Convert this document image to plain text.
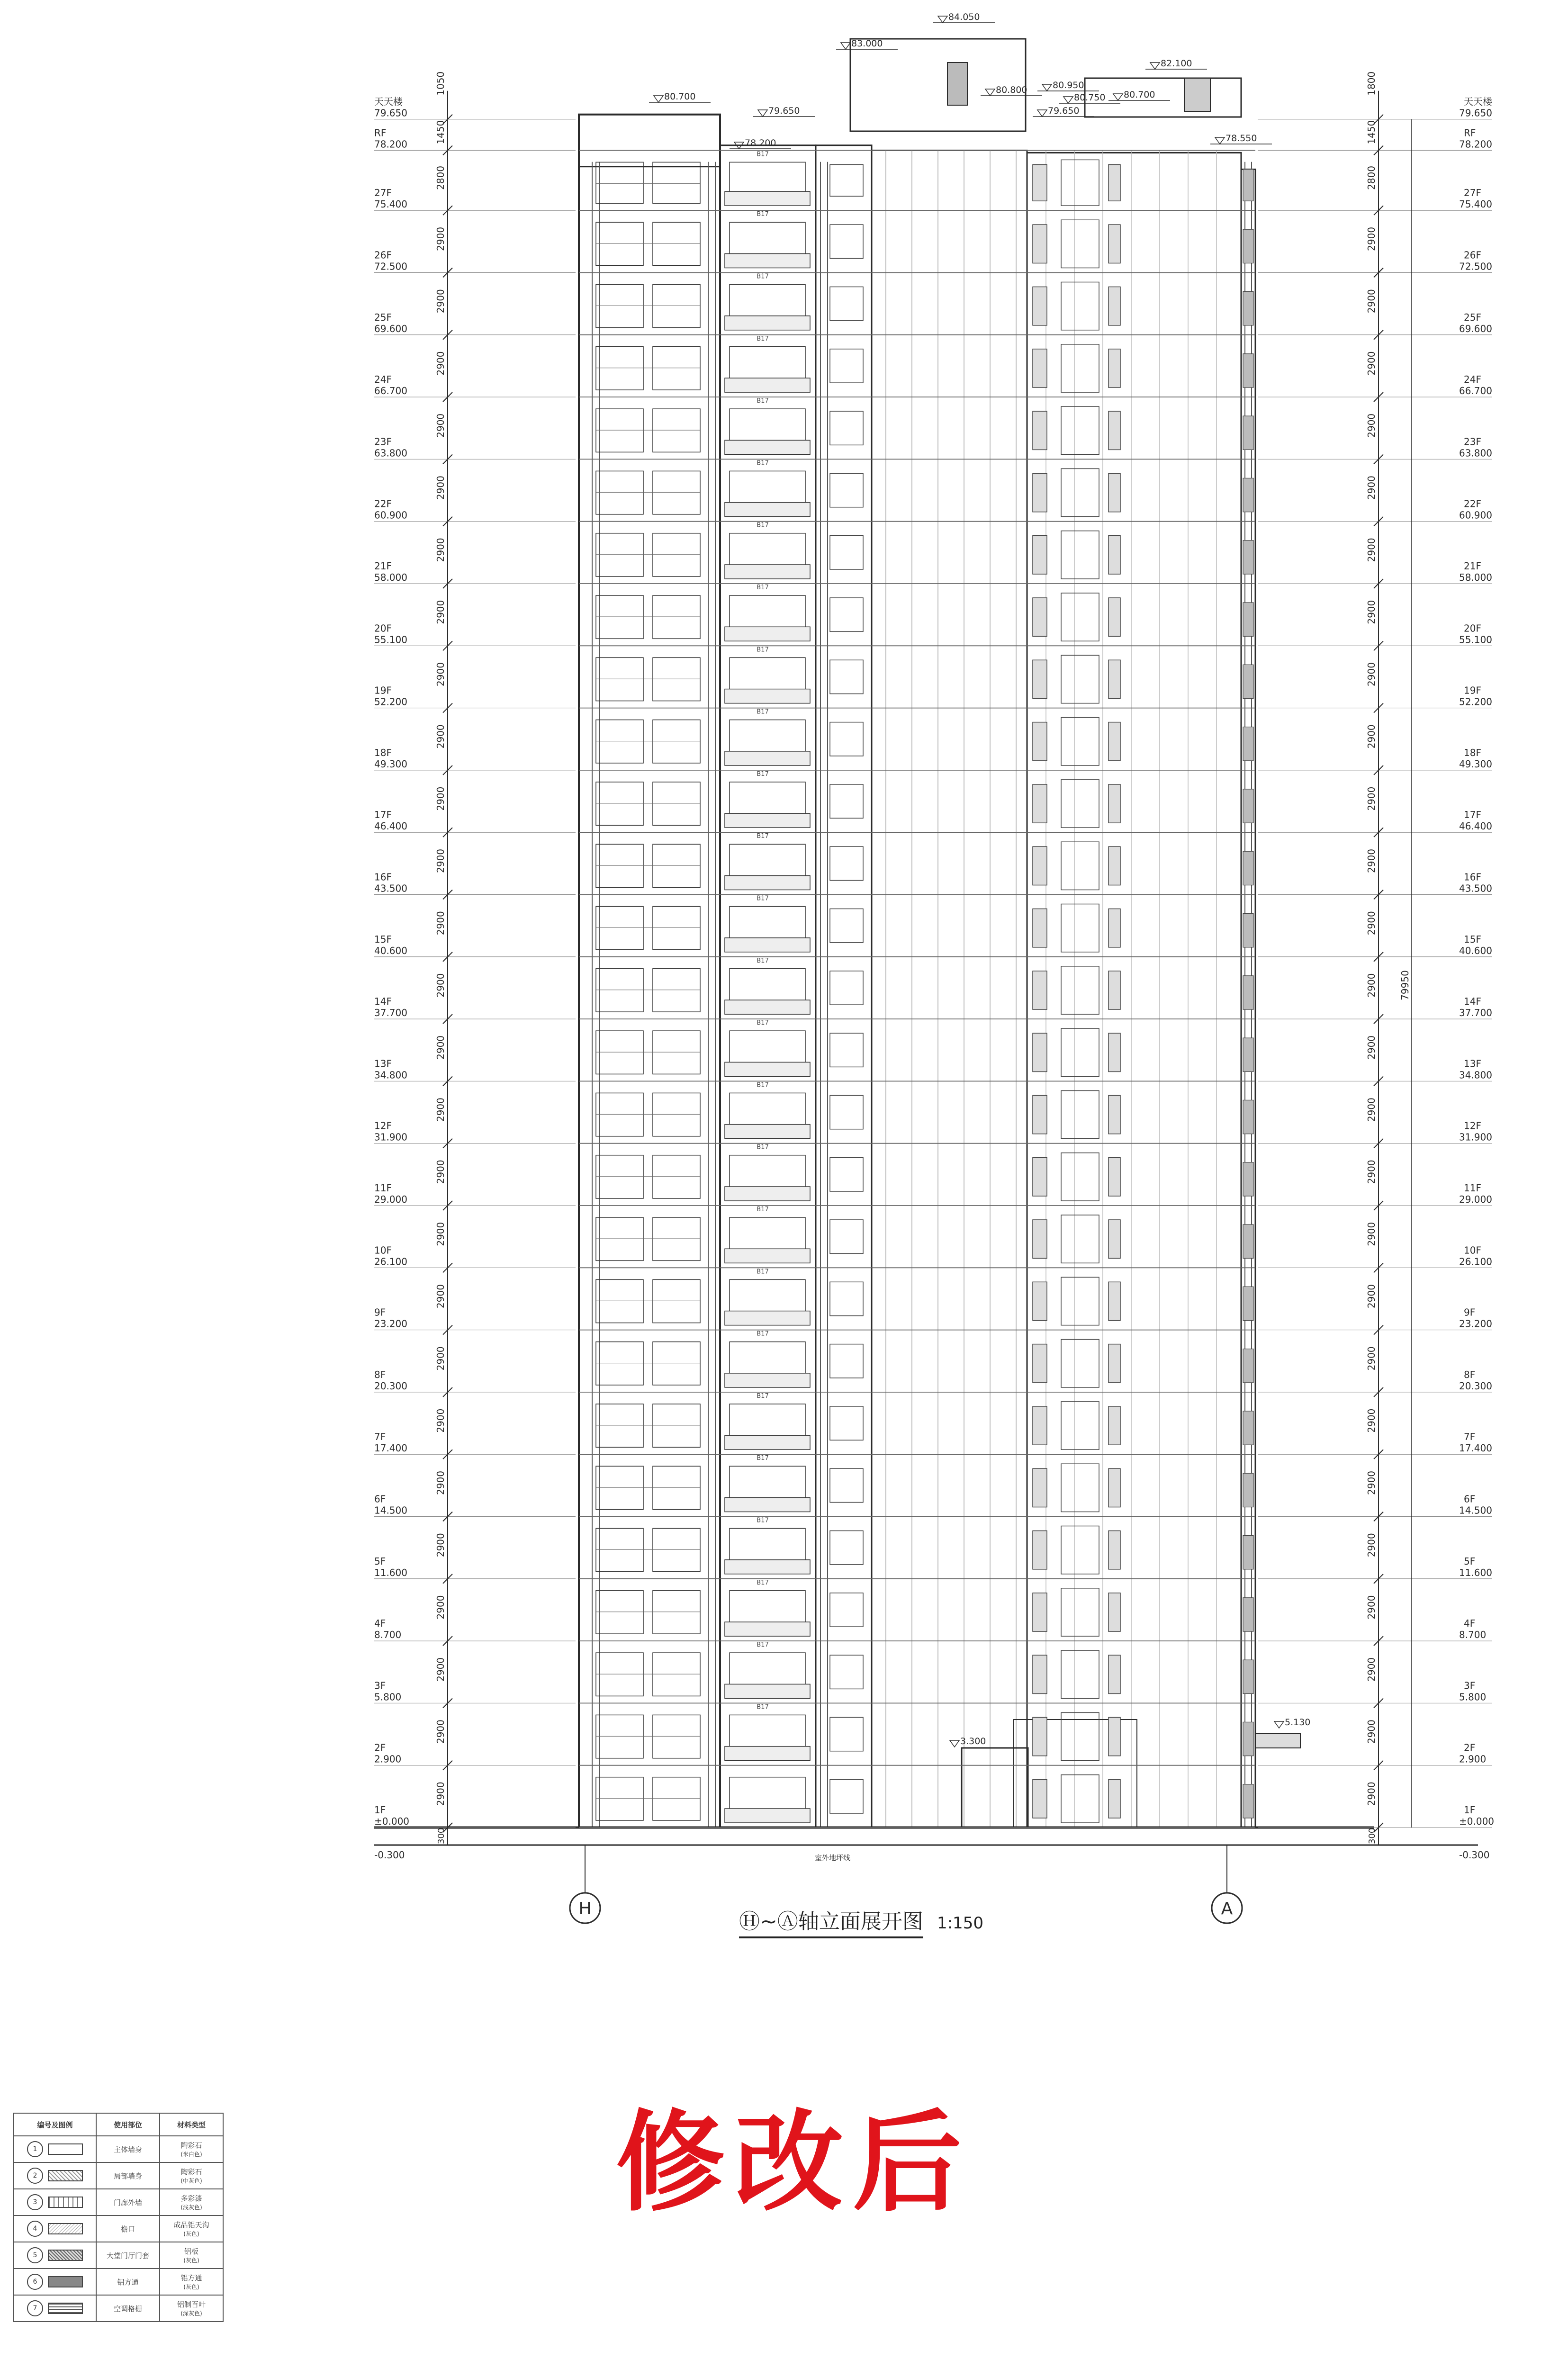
室外地坪线
H	A
B17
B17
B17
B17
B17
B17
B17
B17
B17
B17
B17
B17
B17
B17
B17
B17
B17
B17
B17
B17
B17
B17
B17
B17
B17
B17
天天楼
79.650
RF
78.200
27F
75.400
26F
72.500
25F
69.600
24F
66.700
23F
63.800
22F
60.900
21F
58.000
20F
55.100
19F
52.200
18F
49.300
17F
46.400
16F
43.500
15F
40.600
14F
37.700
13F
34.800
12F
31.900
11F
29.000
10F
26.100
9F
23.200
8F
20.300
7F
17.400
6F
14.500
5F
11.600
4F
8.700
3F
5.800
2F
2.900
1F
±0.000
-0.300
天天楼
79.650
RF
78.200
27F
75.400
26F
72.500
25F
69.600
24F
66.700
23F
63.800
22F
60.900
21F
58.000
20F
55.100
19F
52.200
18F
49.300
17F
46.400
16F
43.500
15F
40.600
14F
37.700
13F
34.800
12F
31.900
11F
29.000
10F
26.100
9F
23.200
8F
20.300
7F
17.400
6F
14.500
5F
11.600
4F
8.700
3F
5.800
2F
2.900
1F
±0.000
-0.300
79950
1050	1800
1450	1450
2800	2800
2900	2900
2900	2900
2900	2900
2900	2900
2900	2900
2900	2900
2900	2900
2900	2900
2900	2900
2900	2900
2900	2900
2900	2900
2900	2900
2900	2900
2900	2900
2900	2900
2900	2900
2900	2900
2900	2900
2900	2900
2900	2900
2900	2900
2900	2900
2900	2900
2900	2900
2900	2900
300	300
84.050
83.000
82.100
80.700
79.650
80.800	80.950
80.750
79.650
80.700
78.550
78.200
3.300
5.130
Ⓗ~Ⓐ轴立面展开图 1:150
修改后
编号及图例	使用部位	材料类型
1	主体墙身	陶彩石
(米白色)

2	局部墙身	陶彩石
(中灰色)

3	门廊外墙	多彩漆
(浅灰色)

4	檐口	成品铝天沟
(灰色)

5	大堂门厅门套	铝板
(灰色)

6	铝方通	铝方通
(灰色)

7	空调格栅	铝制百叶
(深灰色)
